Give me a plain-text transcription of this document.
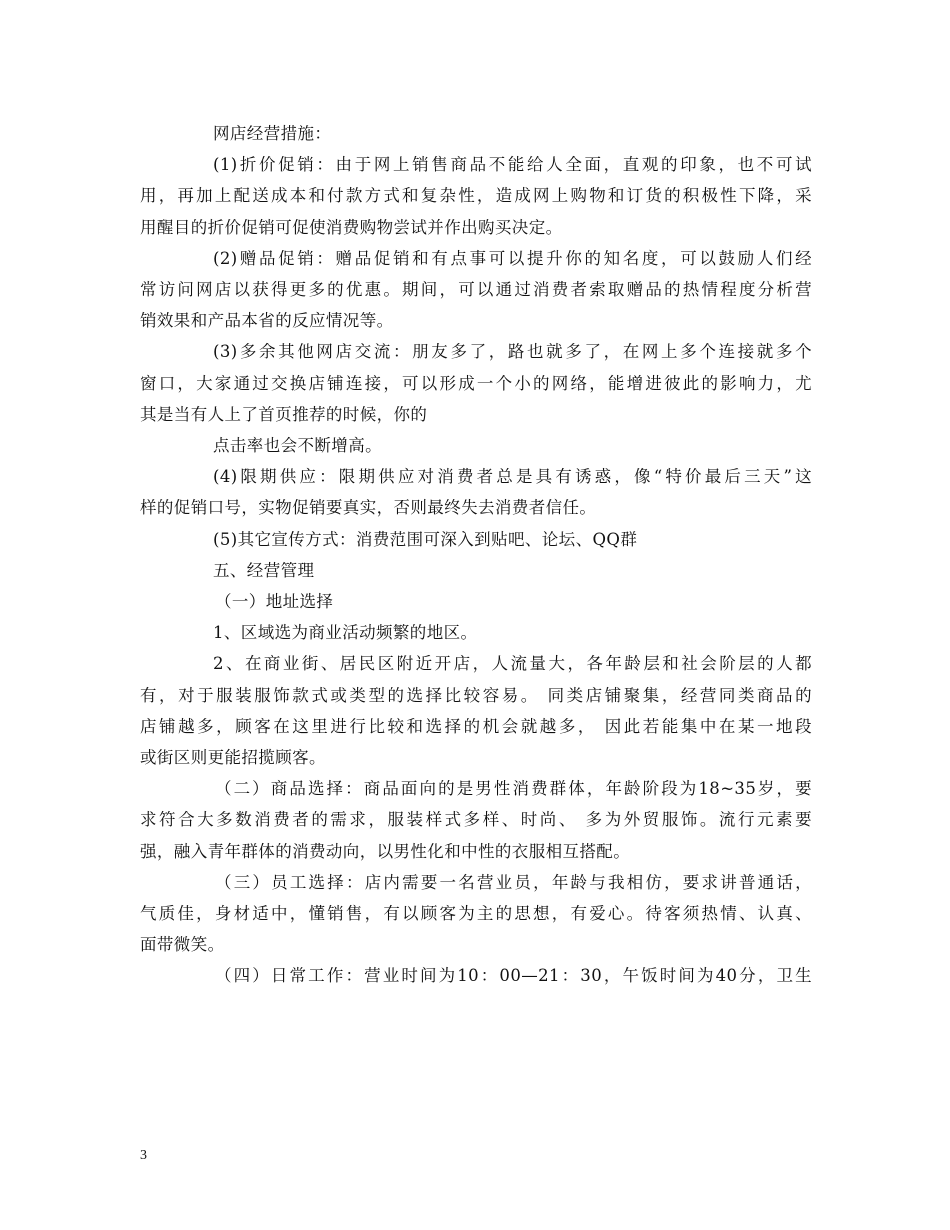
网店经营措施：

(1)折价促销：由于网上销售商品不能给人全面，直观的印象，也不可试

用，再加上配送成本和付款方式和复杂性，造成网上购物和订货的积极性下降，采

用醒目的折价促销可促使消费购物尝试并作出购买决定。

(2)赠品促销：赠品促销和有点事可以提升你的知名度，可以鼓励人们经

常访问网店以获得更多的优惠。期间，可以通过消费者索取赠品的热情程度分析营

销效果和产品本省的反应情况等。

(3)多余其他网店交流：朋友多了，路也就多了，在网上多个连接就多个

窗口，大家通过交换店铺连接，可以形成一个小的网络，能增进彼此的影响力，尤

其是当有人上了首页推荐的时候，你的

点击率也会不断增高。

(4)限期供应：限期供应对消费者总是具有诱惑，像“特价最后三天”这

样的促销口号，实物促销要真实，否则最终失去消费者信任。

(5)其它宣传方式：消费范围可深入到贴吧、论坛、QQ群

五、经营管理

（一）地址选择

1、区域选为商业活动频繁的地区。

2、在商业街、居民区附近开店，人流量大，各年龄层和社会阶层的人都

有，对于服装服饰款式或类型的选择比较容易。 同类店铺聚集，经营同类商品的

店铺越多，顾客在这里进行比较和选择的机会就越多， 因此若能集中在某一地段

或街区则更能招揽顾客。

（二）商品选择：商品面向的是男性消费群体，年龄阶段为18~35岁，要

求符合大多数消费者的需求，服装样式多样、时尚、 多为外贸服饰。流行元素要

强，融入青年群体的消费动向，以男性化和中性的衣服相互搭配。

（三）员工选择：店内需要一名营业员，年龄与我相仿，要求讲普通话，

气质佳，身材适中，懂销售，有以顾客为主的思想，有爱心。待客须热情、认真、

面带微笑。

（四）日常工作：营业时间为10：00—21：30，午饭时间为40分，卫生

3
